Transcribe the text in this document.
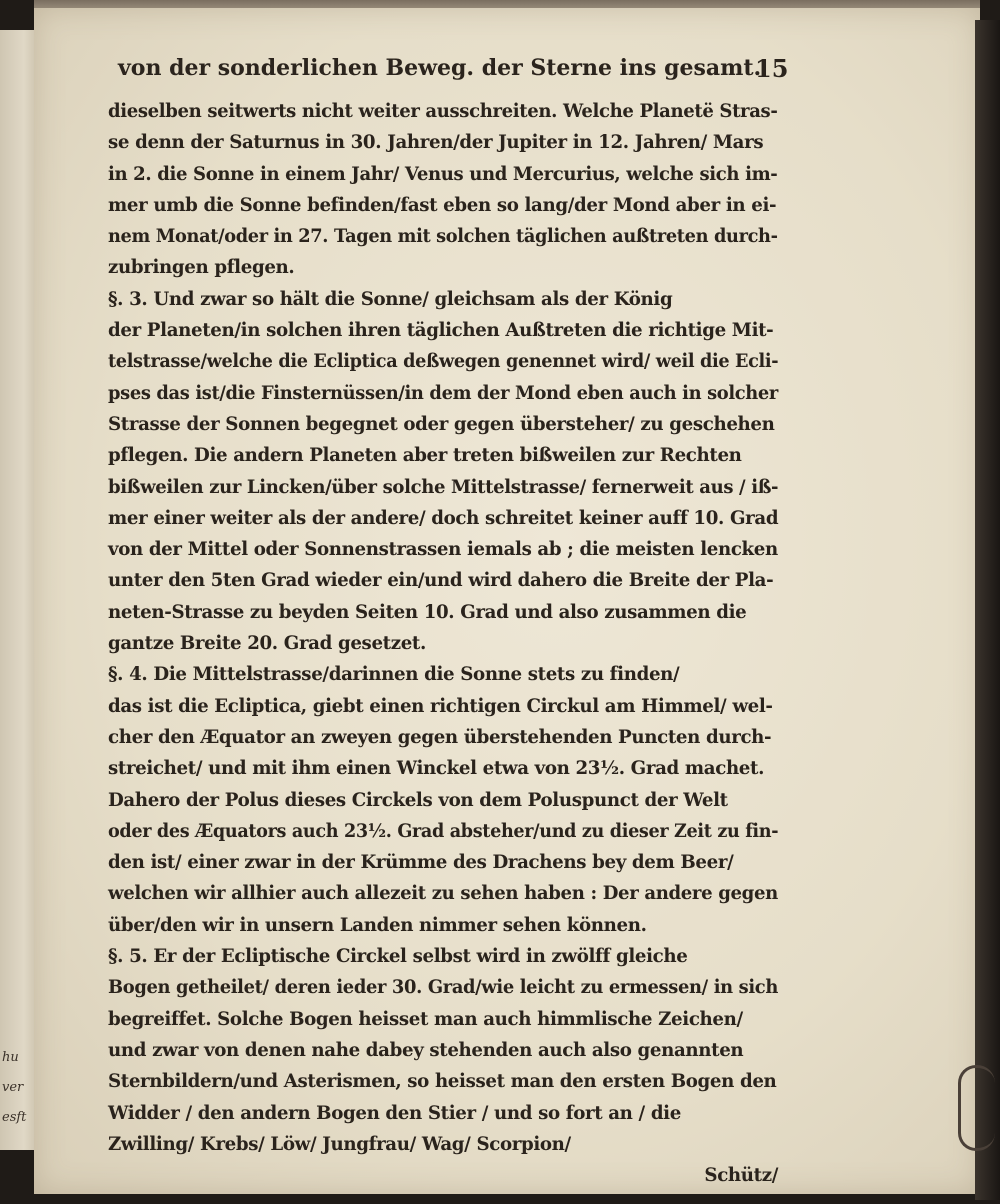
hu
ver
esft
von der sonderlichen Beweg. der Sterne ins gesamt.
15
dieselben seitwerts nicht weiter ausschreiten. Welche Planetë Stras-
se denn der Saturnus in 30. Jahren/der Jupiter in 12. Jahren/ Mars
in 2. die Sonne in einem Jahr/ Venus und Mercurius, welche sich im-
mer umb die Sonne befinden/fast eben so lang/der Mond aber in ei-
nem Monat/oder in 27. Tagen mit solchen täglichen außtreten durch-
zubringen pflegen.
§. 3. Und zwar so hält die Sonne/ gleichsam als der König
der Planeten/in solchen ihren täglichen Außtreten die richtige Mit-
telstrasse/welche die Ecliptica deßwegen genennet wird/ weil die Ecli-
pses das ist/die Finsternüssen/in dem der Mond eben auch in solcher
Strasse der Sonnen begegnet oder gegen übersteher/ zu geschehen
pflegen. Die andern Planeten aber treten bißweilen zur Rechten
bißweilen zur Lincken/über solche Mittelstrasse/ fernerweit aus / iß-
mer einer weiter als der andere/ doch schreitet keiner auff 10. Grad
von der Mittel oder Sonnenstrassen iemals ab ; die meisten lencken
unter den 5ten Grad wieder ein/und wird dahero die Breite der Pla-
neten-Strasse zu beyden Seiten 10. Grad und also zusammen die
gantze Breite 20. Grad gesetzet.
§. 4. Die Mittelstrasse/darinnen die Sonne stets zu finden/
das ist die Ecliptica, giebt einen richtigen Circkul am Himmel/ wel-
cher den Æquator an zweyen gegen überstehenden Puncten durch-
streichet/ und mit ihm einen Winckel etwa von 23½. Grad machet.
Dahero der Polus dieses Circkels von dem Poluspunct der Welt
oder des Æquators auch 23½. Grad absteher/und zu dieser Zeit zu fin-
den ist/ einer zwar in der Krümme des Drachens bey dem Beer/
welchen wir allhier auch allezeit zu sehen haben : Der andere gegen
über/den wir in unsern Landen nimmer sehen können.
§. 5. Er der Ecliptische Circkel selbst wird in zwölff gleiche
Bogen getheilet/ deren ieder 30. Grad/wie leicht zu ermessen/ in sich
begreiffet. Solche Bogen heisset man auch himmlische Zeichen/
und zwar von denen nahe dabey stehenden auch also genannten
Sternbildern/und Asterismen, so heisset man den ersten Bogen den
Widder / den andern Bogen den Stier / und so fort an / die
Zwilling/ Krebs/ Löw/ Jungfrau/ Wag/ Scorpion/
Schütz/
